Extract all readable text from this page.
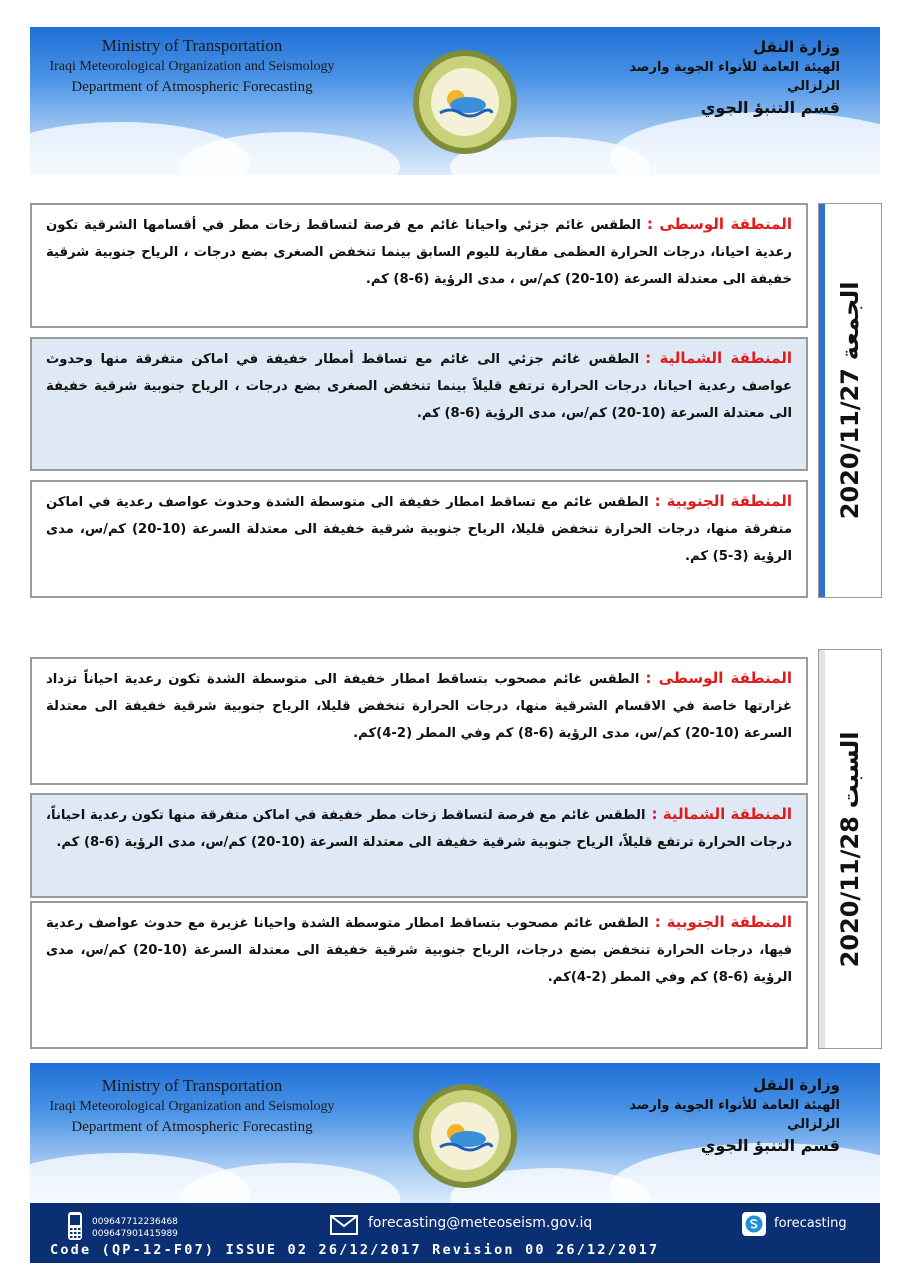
Ministry of Transportation
Iraqi Meteorological Organization and Seismology
Department of Atmospheric Forecasting
وزارة النقل
الهيئة العامة للأنواء الجوية وارصد الزلزالي
قسم التنبؤ الجوي
المنطقة الوسطى :الطقس غائم جزئي واحيانا غائم مع فرصة لتساقط زخات مطر في أقسامها الشرقية تكون رعدية احيانا، درجات الحرارة العظمى مقاربة لليوم السابق بينما تنخفض الصغرى بضع درجات ، الرياح جنوبية شرقية خفيفة الى معتدلة السرعة (10-20) كم/س ، مدى الرؤية (6-8) كم.
المنطقة الشمالية :الطقس غائم جزئي الى غائم مع تساقط أمطار خفيفة في اماكن متفرقة منها وحدوث عواصف رعدية احيانا، درجات الحرارة ترتفع قليلاً بينما تنخفض الصغرى بضع درجات ، الرياح جنوبية شرقية خفيفة الى معتدلة السرعة (10-20) كم/س، مدى الرؤية (6-8) كم.
المنطقة الجنوبية :الطقس غائم مع تساقط امطار خفيفة الى متوسطة الشدة وحدوث عواصف رعدية في اماكن متفرقة منها، درجات الحرارة تنخفض قليلا، الرياح جنوبية شرقية خفيفة الى معتدلة السرعة (10-20) كم/س، مدى الرؤية (3-5) كم.
2020/11/27 الجمعة
المنطقة الوسطى :الطقس غائم مصحوب بتساقط امطار خفيفة الى متوسطة الشدة تكون رعدية احياناً تزداد غزارتها خاصة في الاقسام الشرقية منها، درجات الحرارة تنخفض قليلا، الرياح جنوبية شرقية خفيفة الى معتدلة السرعة (10-20) كم/س، مدى الرؤية (6-8) كم وفي المطر (2-4)كم.
المنطقة الشمالية :الطقس غائم مع فرصة لتساقط زخات مطر خفيفة في اماكن متفرقة منها تكون رعدية احياناً، درجات الحرارة ترتفع قليلاً، الرياح جنوبية شرقية خفيفة الى معتدلة السرعة (10-20) كم/س، مدى الرؤية (6-8) كم.
المنطقة الجنوبية :الطقس غائم مصحوب بتساقط امطار متوسطة الشدة واحيانا غزيرة مع حدوث عواصف رعدية فيها، درجات الحرارة تنخفض بضع درجات، الرياح جنوبية شرقية خفيفة الى معتدلة السرعة (10-20) كم/س، مدى الرؤية (6-8) كم وفي المطر (2-4)كم.
2020/11/28 السبت
Ministry of Transportation
Iraqi Meteorological Organization and Seismology
Department of Atmospheric Forecasting
وزارة النقل
الهيئة العامة للأنواء الجوية وارصد الزلزالي
قسم التنبؤ الجوي
009647712236468
009647901415989
forecasting@meteoseism.gov.iq	forecasting
Code (QP-12-F07) ISSUE 02 26/12/2017 Revision 00 26/12/2017
